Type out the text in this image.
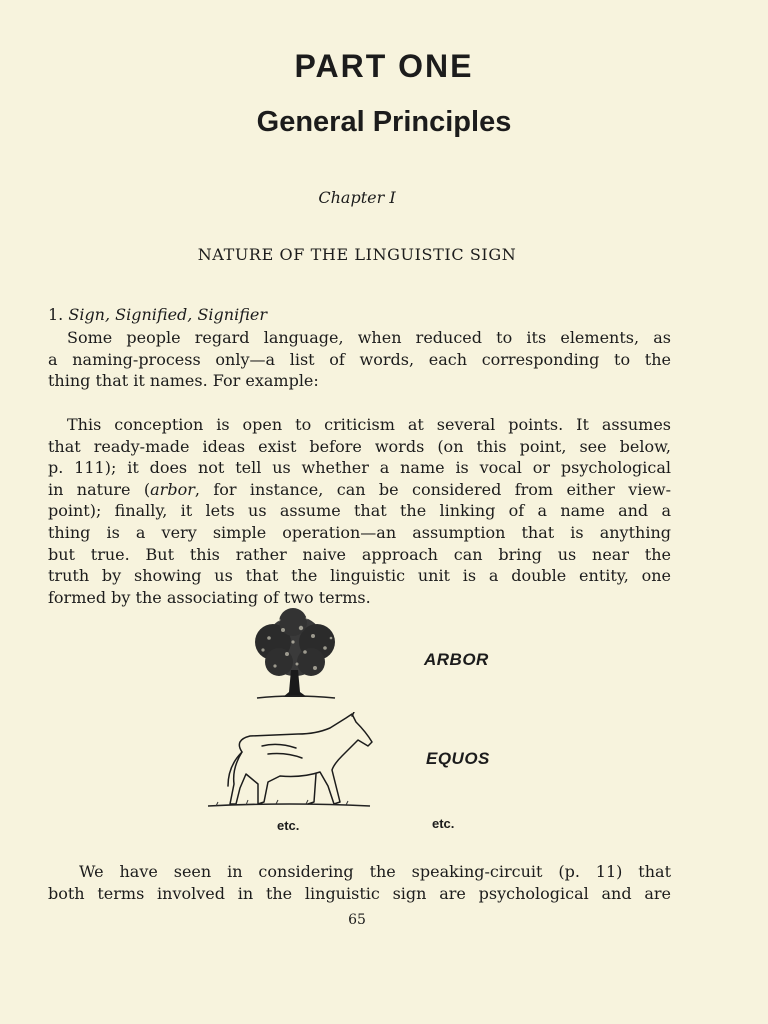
PART ONE
General Principles
Chapter I
NATURE OF THE LINGUISTIC SIGN
1. Sign, Signified, Signifier
Some people regard language, when reduced to its elements, as
a naming-process only—a list of words, each corresponding to the
thing that it names. For example:
This conception is open to criticism at several points. It assumes
that ready-made ideas exist before words (on this point, see below,
p. 111); it does not tell us whether a name is vocal or psychological
in nature (arbor, for instance, can be considered from either view-
point); finally, it lets us assume that the linking of a name and a
thing is a very simple operation—an assumption that is anything
but true. But this rather naive approach can bring us near the
truth by showing us that the linguistic unit is a double entity, one
formed by the associating of two terms.
ARBOR
EQUOS
etc.	etc.
We have seen in considering the speaking-circuit (p. 11) that
both terms involved in the linguistic sign are psychological and are
65
